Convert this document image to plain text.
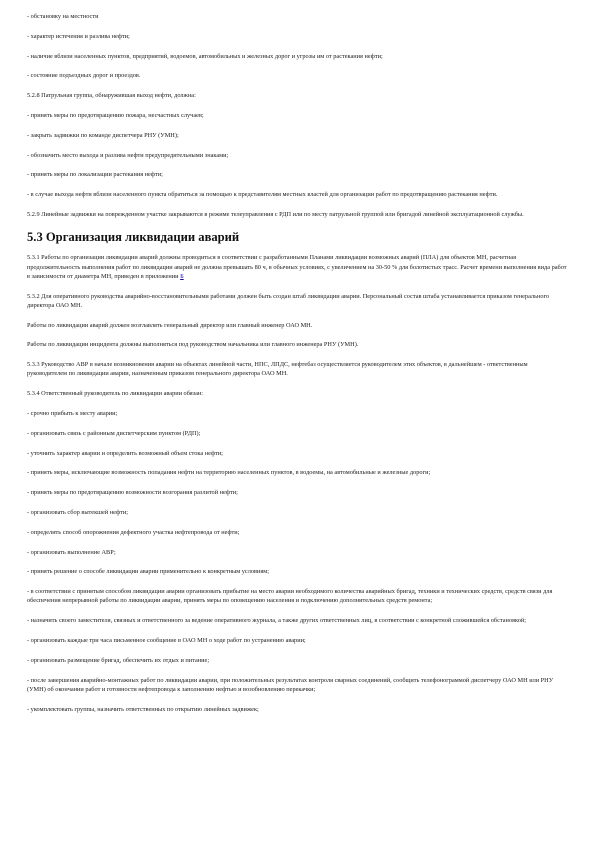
- обстановку на местности
- характер истечения и разлива нефти;
- наличие вблизи населенных пунктов, предприятий, водоемов, автомобильных и железных дорог и угрозы им от растекания нефти;
- состояние подъездных дорог и проездов.
5.2.8 Патрульная группа, обнаружившая выход нефти, должна:
- принять меры по предотвращению пожара, несчастных случаев;
- закрыть задвижки по команде диспетчера РНУ (УМН);
- обозначить место выхода и разлива нефти предупредительными знаками;
- принять меры по локализации растекания нефти;
- в случае выхода нефти вблизи населенного пункта обратиться за помощью к представителям местных властей для организации работ по предотвращению растекания нефти.
5.2.9 Линейные задвижки на поврежденном участке закрываются в режиме телеуправления с РДП или по месту патрульной группой или бригадой линейной эксплуатационной службы.
5.3 Организация ликвидации аварий
5.3.1 Работы по организации ликвидации аварий должны проводиться в соответствии с разработанными Планами ликвидации возможных аварий (ПЛА) для объектов МН, расчетная продолжительность выполнения работ по ликвидации аварий не должна превышать 80 ч, в обычных условиях, с увеличением на 30-50 % для болотистых трасс. Расчет времени выполнения вида работ в зависимости от диаметра МН, приведен в приложении Б
5.3.2 Для оперативного руководства аварийно-восстановительными работами должен быть создан штаб ликвидации аварии. Персональный состав штаба устанавливается приказом генерального директора ОАО МН.
Работы по ликвидации аварий должен возглавлять генеральный директор или главный инженер ОАО МН.
Работы по ликвидации инцидента должны выполняться под руководством начальника или главного инженера РНУ (УМН).
5.3.3 Руководство АВР в начале возникновения аварии на объектах линейной части, НПС, ЛПДС, нефтебаз осуществляется руководителем этих объектов, в дальнейшем - ответственным руководителем по ликвидации аварии, назначенным приказом генерального директора ОАО МН.
5.3.4 Ответственный руководитель по ликвидации аварии обязан:
- срочно прибыть к месту аварии;
- организовать связь с районным диспетчерским пунктом (РДП);
- уточнить характер аварии и определить возможный объем стока нефти;
- принять меры, исключающие возможность попадания нефти на территорию населенных пунктов, в водоемы, на автомобильные и железные дороги;
- принять меры по предотвращению возможности возгорания разлитой нефти;
- организовать сбор вытекшей нефти;
- определить способ опорожнения дефектного участка нефтепровода от нефти;
- организовать выполнение АВР;
- принять решение о способе ликвидации аварии применительно к конкретным условиям;
- в соответствии с принятым способом ликвидации аварии организовать прибытие на место аварии необходимого количества аварийных бригад, техники и технических средств, средств связи для обеспечения непрерывной работы по ликвидации аварии, принять меры по оповещению населения и подключению дополнительных средств ремонта;
- назначить своего заместителя, связных и ответственного за ведение оперативного журнала, а также других ответственных лиц, в соответствии с конкретной сложившейся обстановкой;
- организовать каждые три часа письменное сообщение в ОАО МН о ходе работ по устранению аварии;
- организовать размещение бригад, обеспечить их отдых и питание;
- после завершения аварийно-монтажных работ по ликвидации аварии, при положительных результатах контроля сварных соединений, сообщить телефонограммой диспетчеру ОАО МН или РНУ (УМН) об окончании работ и готовности нефтепровода к заполнению нефтью и возобновлению перекачки;
- укомплектовать группы, назначить ответственных по открытию линейных задвижек;
